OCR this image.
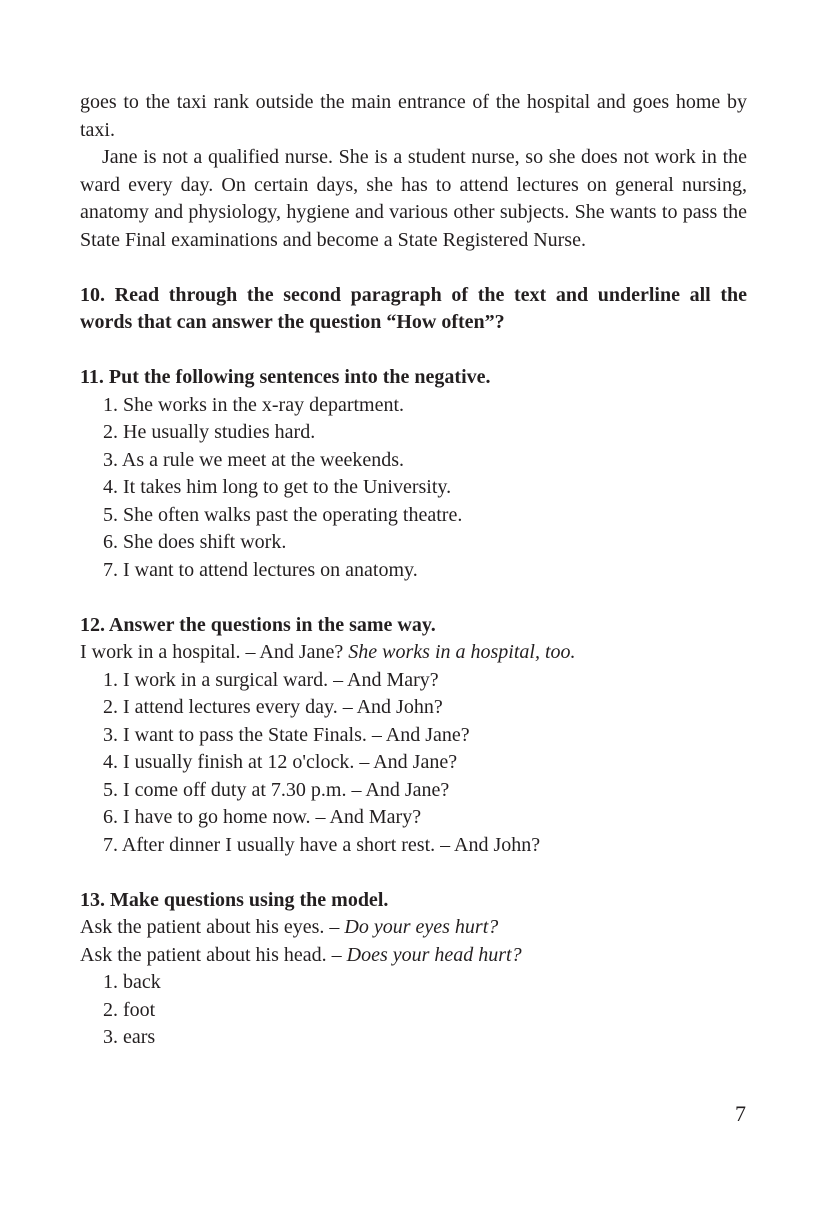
goes to the taxi rank outside the main entrance of the hospital and goes home by taxi.

Jane is not a qualified nurse. She is a student nurse, so she does not work in the ward every day. On certain days, she has to attend lectures on general nursing, anatomy and physiology, hygiene and various other subjects. She wants to pass the State Final examinations and become a State Registered Nurse.

10. Read through the second paragraph of the text and underline all the words that can answer the question “How often”?

11. Put the following sentences into the negative.

1. She works in the x-ray department.
2. He usually studies hard.
3. As a rule we meet at the weekends.
4. It takes him long to get to the University.
5. She often walks past the operating theatre.
6. She does shift work.
7. I want to attend lectures on anatomy.

12. Answer the questions in the same way.

I work in a hospital. – And Jane? She works in a hospital, too.

1. I work in a surgical ward. – And Mary?
2. I attend lectures every day. – And John?
3. I want to pass the State Finals. – And Jane?
4. I usually finish at 12 o'clock. – And Jane?
5. I come off duty at 7.30 p.m. – And Jane?
6. I have to go home now. – And Mary?
7. After dinner I usually have a short rest. – And John?

13. Make questions using the model.

Ask the patient about his eyes. – Do your eyes hurt?

Ask the patient about his head. – Does your head hurt?

1. back
2. foot
3. ears
7
